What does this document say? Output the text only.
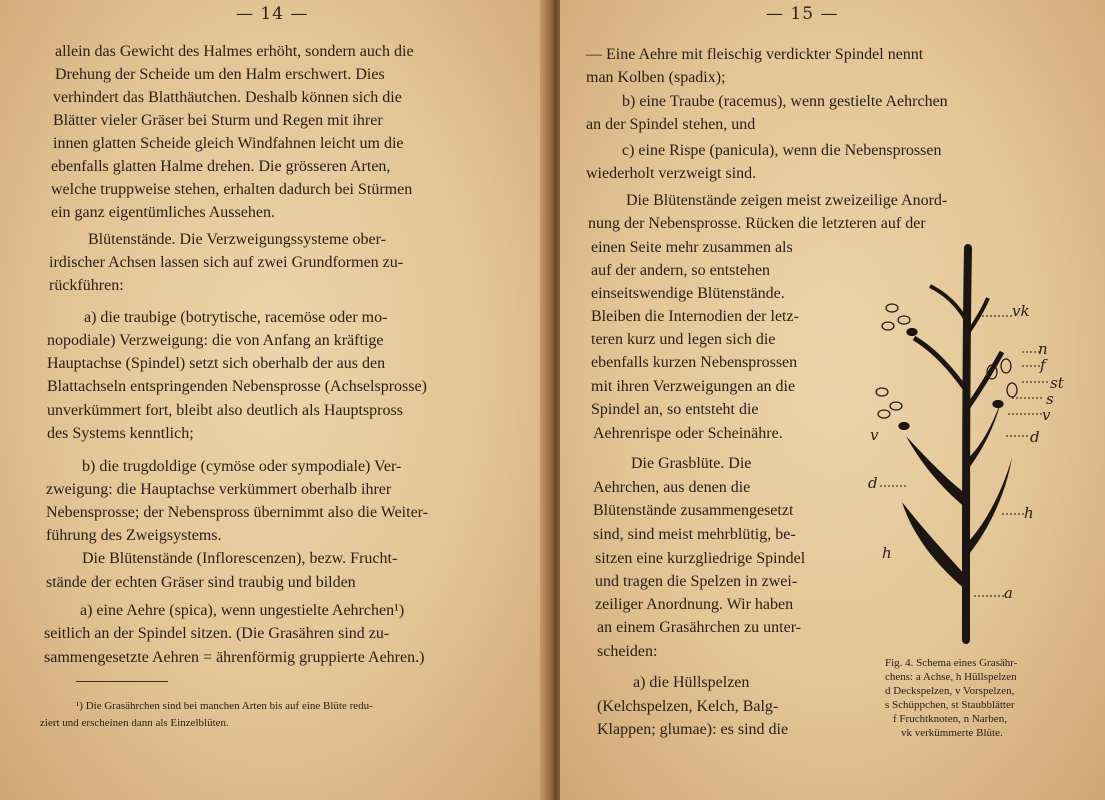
— 14 —
allein das Gewicht des Halmes erhöht, sondern auch die
Drehung der Scheide um den Halm erschwert. Dies
verhindert das Blatthäutchen. Deshalb können sich die
Blätter vieler Gräser bei Sturm und Regen mit ihrer
innen glatten Scheide gleich Windfahnen leicht um die
ebenfalls glatten Halme drehen. Die grösseren Arten,
welche truppweise stehen, erhalten dadurch bei Stürmen
ein ganz eigentümliches Aussehen.
Blütenstände. Die Verzweigungssysteme ober-
irdischer Achsen lassen sich auf zwei Grundformen zu-
rückführen:
a) die traubige (botrytische, racemöse oder mo-
nopodiale) Verzweigung: die von Anfang an kräftige
Hauptachse (Spindel) setzt sich oberhalb der aus den
Blattachseln entspringenden Nebensprosse (Achselsprosse)
unverkümmert fort, bleibt also deutlich als Hauptspross
des Systems kenntlich;
b) die trugdoldige (cymöse oder sympodiale) Ver-
zweigung: die Hauptachse verkümmert oberhalb ihrer
Nebensprosse; der Nebenspross übernimmt also die Weiter-
führung des Zweigsystems.
Die Blütenstände (Inflorescenzen), bezw. Frucht-
stände der echten Gräser sind traubig und bilden
a) eine Aehre (spica), wenn ungestielte Aehrchen¹)
seitlich an der Spindel sitzen. (Die Grasähren sind zu-
sammengesetzte Aehren = ährenförmig gruppierte Aehren.)
¹) Die Grasährchen sind bei manchen Arten bis auf eine Blüte redu-
ziert und erscheinen dann als Einzelblüten.
— 15 —
— Eine Aehre mit fleischig verdickter Spindel nennt
man Kolben (spadix);
b) eine Traube (racemus), wenn gestielte Aehrchen
an der Spindel stehen, und
c) eine Rispe (panicula), wenn die Nebensprossen
wiederholt verzweigt sind.
Die Blütenstände zeigen meist zweizeilige Anord-
nung der Nebensprosse. Rücken die letzteren auf der
einen Seite mehr zusammen als
auf der andern, so entstehen
einseitswendige Blütenstände.
Bleiben die Internodien der letz-
teren kurz und legen sich die
ebenfalls kurzen Nebensprossen
mit ihren Verzweigungen an die
Spindel an, so entsteht die
Aehrenrispe oder Scheinähre.
Die Grasblüte. Die
Aehrchen, aus denen die
Blütenstände zusammengesetzt
sind, sind meist mehrblütig, be-
sitzen eine kurzgliedrige Spindel
und tragen die Spelzen in zwei-
zeiliger Anordnung. Wir haben
an einem Grasährchen zu unter-
scheiden:
a) die Hüllspelzen
(Kelchspelzen, Kelch, Balg-
Klappen; glumae): es sind die
Fig. 4. Schema eines Grasähr-
chens: a Achse, h Hüllspelzen
d Deckspelzen, v Vorspelzen,
s Schüppchen, st Staubblätter
f Fruchtknoten, n Narben,
vk verkümmerte Blüte.
vk
n
f
st
s
v
v	d
d
h
h
a
